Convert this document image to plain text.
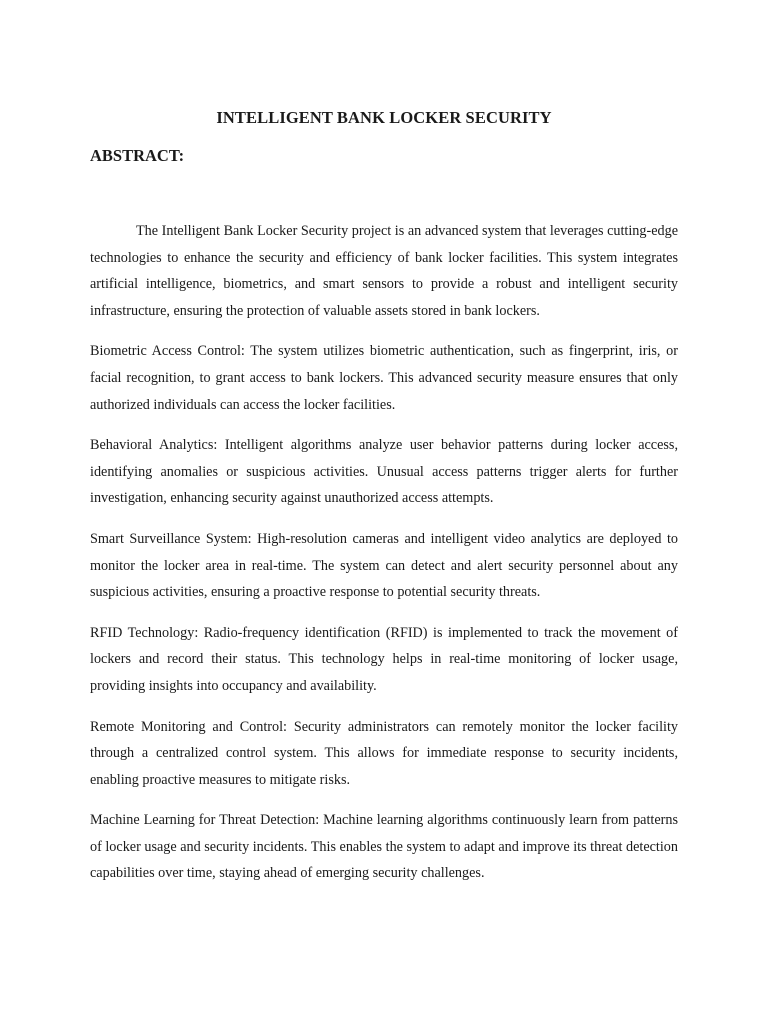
INTELLIGENT BANK LOCKER SECURITY
ABSTRACT:

The Intelligent Bank Locker Security project is an advanced system that leverages cutting-edge technologies to enhance the security and efficiency of bank locker facilities. This system integrates artificial intelligence, biometrics, and smart sensors to provide a robust and intelligent security infrastructure, ensuring the protection of valuable assets stored in bank lockers.

Biometric Access Control: The system utilizes biometric authentication, such as fingerprint, iris, or facial recognition, to grant access to bank lockers. This advanced security measure ensures that only authorized individuals can access the locker facilities.

Behavioral Analytics: Intelligent algorithms analyze user behavior patterns during locker access, identifying anomalies or suspicious activities. Unusual access patterns trigger alerts for further investigation, enhancing security against unauthorized access attempts.

Smart Surveillance System: High-resolution cameras and intelligent video analytics are deployed to monitor the locker area in real-time. The system can detect and alert security personnel about any suspicious activities, ensuring a proactive response to potential security threats.

RFID Technology: Radio-frequency identification (RFID) is implemented to track the movement of lockers and record their status. This technology helps in real-time monitoring of locker usage, providing insights into occupancy and availability.

Remote Monitoring and Control: Security administrators can remotely monitor the locker facility through a centralized control system. This allows for immediate response to security incidents, enabling proactive measures to mitigate risks.

Machine Learning for Threat Detection: Machine learning algorithms continuously learn from patterns of locker usage and security incidents. This enables the system to adapt and improve its threat detection capabilities over time, staying ahead of emerging security challenges.
